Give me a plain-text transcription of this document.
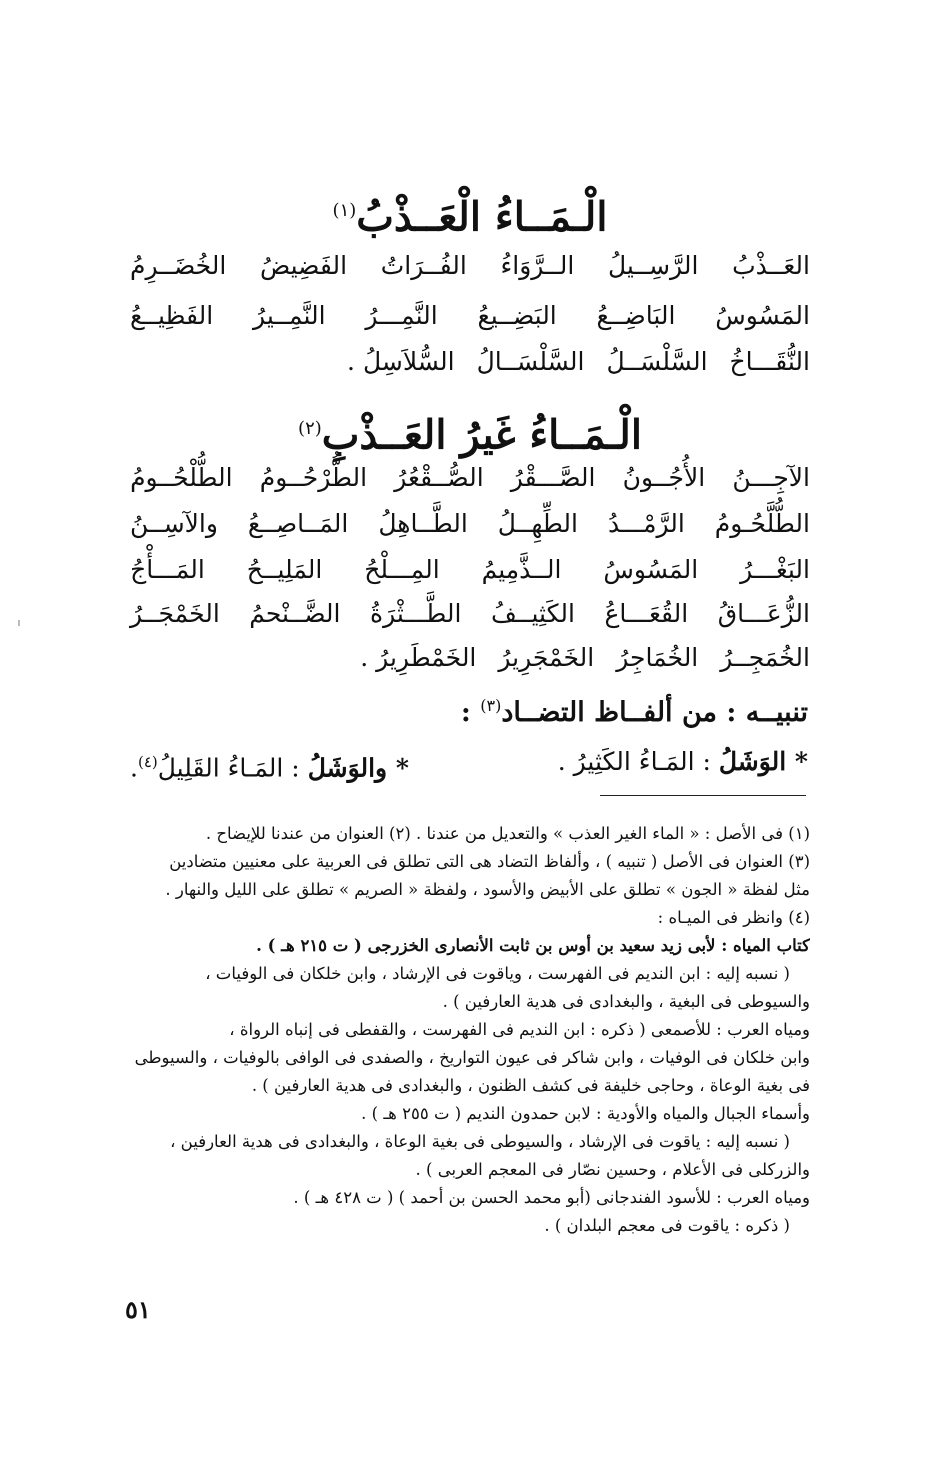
الْـمَــاءُ الْعَــذْبُ$^{(١)}$
العَــذْبُ
الرَّسِــيلُ
الــرَّوَاءُ
الفُــرَاتُ
الفَضِيضُ
الخُضَــرِمُ
المَسُوسُ
البَاضِــعُ
البَضِــيعُ
النَّمِـــرُ
النَّمِــيرُ
الفَظِيــعُ
النُّقَـــاخُ
السَّلْسَــلُ
السَّلْسَــالُ
السُّلاَسِلُ .
الْـمَــاءُ غَيرُ العَــذْبِ$^{(٢)}$
الآجِـــنُ
الأُجُــونُ
الصَّـــقْرُ
الصُّــقْعُرُ
الطُّرْحُــومُ
الطُّلْحُــومُ
الطُّلَّحُـومُ
الرَّمْـــدُ
الطِّهِــلُ
الطَّــاهِلُ
المَــاصِــعُ
والآسِــنُ
البَغْـــرُ
المَسُوسُ
الــذَّمِيمُ
المِـــلْحُ
المَلِيــحُ
المَـــأْجُ
الزُّعَـــاقُ
القُعَـــاعُ
الكَثِيــفُ
الطَّـــثْرَةُ
الضَّــنْحمُ
الخَمْجَــرُ
الخُمَجِــرُ
الخُمَاجِرُ
الخَمْجَرِيرُ
الخَمْطَرِيرُ .
تنبيــه : من ألفــاظ التضــاد$^{(٣)}$ :
* الوَشَلُ : المَـاءُ الكَثِيرُ .
* والوَشَلُ : المَـاءُ القَلِيلُ$^{(٤)}$.
(١) فى الأصل : « الماء الغير العذب » والتعديل من عندنا . (٢) العنوان من عندنا للإيضاح .
(٣) العنوان فى الأصل ( تنبيه ) ، وألفاظ التضاد هى التى تطلق فى العربية على معنيين متضادين
مثل لفظة « الجون » تطلق على الأبيض والأسود ، ولفظة « الصريم » تطلق على الليل والنهار .
(٤) وانظر فى الميـاه :
كتاب المياه : لأبى زيد سعيد بن أوس بن ثابت الأنصارى الخزرجى ( ت ٢١٥ هـ ) .
( نسبه إليه : ابن النديم فى الفهرست ، وياقوت فى الإرشاد ، وابن خلكان فى الوفيات ،
والسيوطى فى البغية ، والبغدادى فى هدية العارفين ) .
ومياه العرب : للأصمعى ( ذكره : ابن النديم فى الفهرست ، والقفطى فى إنباه الرواة ،
وابن خلكان فى الوفيات ، وابن شاكر فى عيون التواريخ ، والصفدى فى الوافى بالوفيات ، والسيوطى
فى بغية الوعاة ، وحاجى خليفة فى كشف الظنون ، والبغدادى فى هدية العارفين ) .
وأسماء الجبال والمياه والأودية : لابن حمدون النديم ( ت ٢٥٥ هـ ) .
( نسبه إليه : ياقوت فى الإرشاد ، والسيوطى فى بغية الوعاة ، والبغدادى فى هدية العارفين ،
والزركلى فى الأعلام ، وحسين نصّار فى المعجم العربى ) .
ومياه العرب : للأسود الفندجانى (أبو محمد الحسن بن أحمد ) ( ت ٤٢٨ هـ ) .
( ذكره : ياقوت فى معجم البلدان ) .
٥١
